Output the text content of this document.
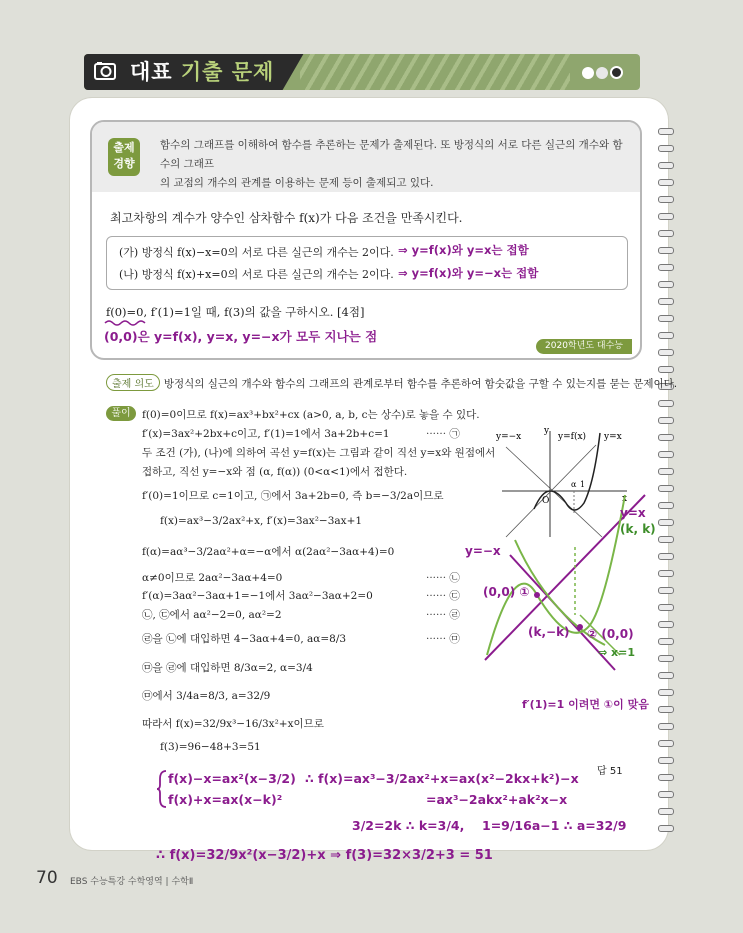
대표 기출 문제
출제
경향
함수의 그래프를 이해하여 함수를 추론하는 문제가 출제된다. 또 방정식의 서로 다른 실근의 개수와 함수의 그래프
의 교점의 개수의 관계를 이용하는 문제 등이 출제되고 있다.
최고차항의 계수가 양수인 삼차함수 f(x)가 다음 조건을 만족시킨다.
(가) 방정식 f(x)−x=0의 서로 다른 실근의 개수는 2이다.
(나) 방정식 f(x)+x=0의 서로 다른 실근의 개수는 2이다.
⇒ y=f(x)와 y=x는 접함
⇒ y=f(x)와 y=−x는 접함
f(0)=0, f′(1)=1일 때, f(3)의 값을 구하시오. [4점]
(0,0)은 y=f(x), y=x, y=−x가 모두 지나는 점
2020학년도 대수능
출제 의도 방정식의 실근의 개수와 함수의 그래프의 관계로부터 함수를 추론하여 함숫값을 구할 수 있는지를 묻는 문제이다.
풀이	f(0)=0이므로 f(x)=ax³+bx²+cx (a>0, a, b, c는 상수)로 놓을 수 있다.
f′(x)=3ax²+2bx+c이고, f′(1)=1에서 3a+2b+c=1
두 조건 (가), (나)에 의하여 곡선 y=f(x)는 그림과 같이 직선 y=x와 원점에서
접하고, 직선 y=−x와 점 (α, f(α)) (0<α<1)에서 접한다.
f′(0)=1이므로 c=1이고, ㉠에서 3a+2b=0, 즉 b=−3/2a이므로
f(x)=ax³−3/2ax²+x, f′(x)=3ax²−3ax+1
f(α)=aα³−3/2aα²+α=−α에서 α(2aα²−3aα+4)=0
α≠0이므로 2aα²−3aα+4=0
f′(α)=3aα²−3aα+1=−1에서 3aα²−3aα+2=0
㉡, ㉢에서 aα²−2=0, aα²=2
㉣을 ㉡에 대입하면 4−3aα+4=0, aα=8/3
㉤을 ㉣에 대입하면 8/3α=2, α=3/4
㉤에서 3/4a=8/3, a=32/9
따라서 f(x)=32/9x³−16/3x²+x이므로
f(3)=96−48+3=51
······ ㉠
······ ㉡
······ ㉢
······ ㉣
······ ㉤
y=−x	y=f(x) y=x
y
x
O
α 1
y=x
(k, k)
y=−x
(0,0) ①
(k,−k) ② (0,0)
⇒ x=1
f′(1)=1 이려면 ①이 맞음
답 51
f(x)−x=ax²(x−3/2)
f(x)+x=ax(x−k)²
∴ f(x)=ax³−3/2ax²+x=ax(x²−2kx+k²)−x
=ax³−2akx²+ak²x−x
3/2=2k ∴ k=3/4, 1=9/16a−1 ∴ a=32/9
∴ f(x)=32/9x²(x−3/2)+x ⇒ f(3)=32×3/2+3 = 51
70 EBS 수능특강 수학영역 | 수학Ⅱ
